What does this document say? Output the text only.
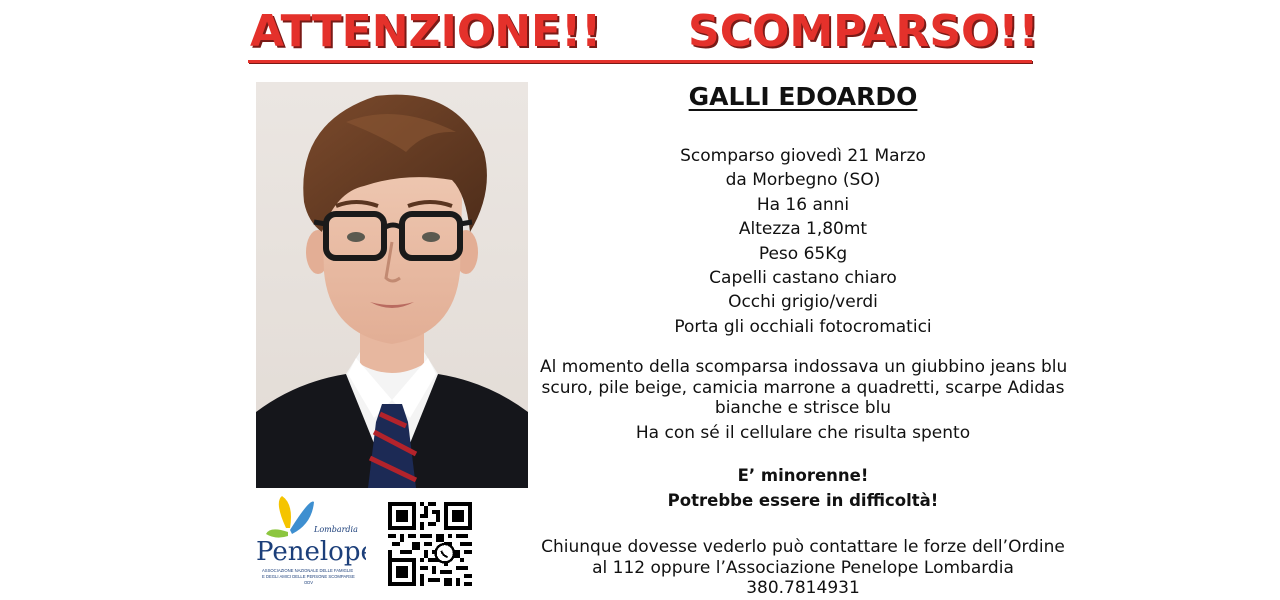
ATTENZIONE!! SCOMPARSO!!
Lombardia
Penelope
ASSOCIAZIONE NAZIONALE DELLE FAMIGLIE
E DEGLI AMICI DELLE PERSONE SCOMPARSE
ODV
GALLI EDOARDO
Scomparso giovedì 21 Marzo
da Morbegno (SO)
Ha 16 anni
Altezza 1,80mt
Peso 65Kg
Capelli castano chiaro
Occhi grigio/verdi
Porta gli occhiali fotocromatici
Al momento della scomparsa indossava un giubbino jeans blu
scuro, pile beige, camicia marrone a quadretti, scarpe Adidas
bianche e strisce blu
Ha con sé il cellulare che risulta spento
E’ minorenne!
Potrebbe essere in difficoltà!
Chiunque dovesse vederlo può contattare le forze dell’Ordine
al 112 oppure l’Associazione Penelope Lombardia
380.7814931
